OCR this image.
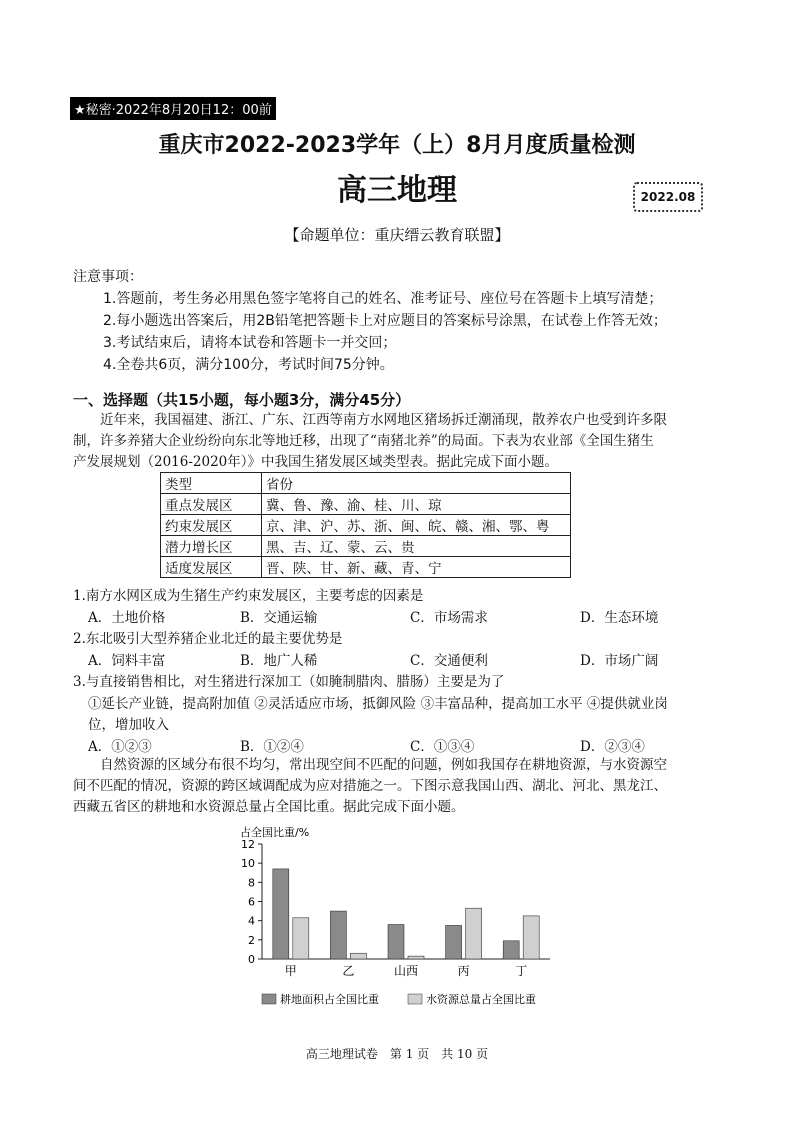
★秘密·2022年8月20日12：00前
重庆市2022-2023学年（上）8月月度质量检测
高三地理	2022.08
【命题单位：重庆缙云教育联盟】
注意事项：
1.答题前，考生务必用黑色签字笔将自己的姓名、准考证号、座位号在答题卡上填写清楚；
2.每小题选出答案后，用2B铅笔把答题卡上对应题目的答案标号涂黑，在试卷上作答无效；
3.考试结束后，请将本试卷和答题卡一并交回；
4.全卷共6页，满分100分，考试时间75分钟。
一、选择题（共15小题，每小题3分，满分45分）
近年来，我国福建、浙江、广东、江西等南方水网地区猪场拆迁潮涌现，散养农户也受到许多限
制，许多养猪大企业纷纷向东北等地迁移，出现了“南猪北养”的局面。下表为农业部《全国生猪生
产发展规划（2016-2020年）》中我国生猪发展区域类型表。据此完成下面小题。
类型	省份
重点发展区	冀、鲁、豫、渝、桂、川、琼
约束发展区	京、津、沪、苏、浙、闽、皖、赣、湘、鄂、粤
潜力增长区	黑、吉、辽、蒙、云、贵
适度发展区	晋、陕、甘、新、藏、青、宁
1.南方水网区成为生猪生产约束发展区，主要考虑的因素是
A．土地价格	B．交通运输	C．市场需求	D．生态环境
2.东北吸引大型养猪企业北迁的最主要优势是
A．饲料丰富	B．地广人稀	C．交通便利	D．市场广阔
3.与直接销售相比，对生猪进行深加工（如腌制腊肉、腊肠）主要是为了
①延长产业链，提高附加值 ②灵活适应市场，抵御风险 ③丰富品种，提高加工水平 ④提供就业岗
位，增加收入
A．①②③	B．①②④	C．①③④	D．②③④
自然资源的区域分布很不均匀，常出现空间不匹配的问题，例如我国存在耕地资源，与水资源空
间不匹配的情况，资源的跨区域调配成为应对措施之一。下图示意我国山西、湖北、河北、黑龙江、
西藏五省区的耕地和水资源总量占全国比重。据此完成下面小题。
占全国比重/%
0
2
4
6
8
10
12
甲	乙	山西	丙	丁
耕地面积占全国比重	水资源总量占全国比重
高三地理试卷　第 1 页　共 10 页
